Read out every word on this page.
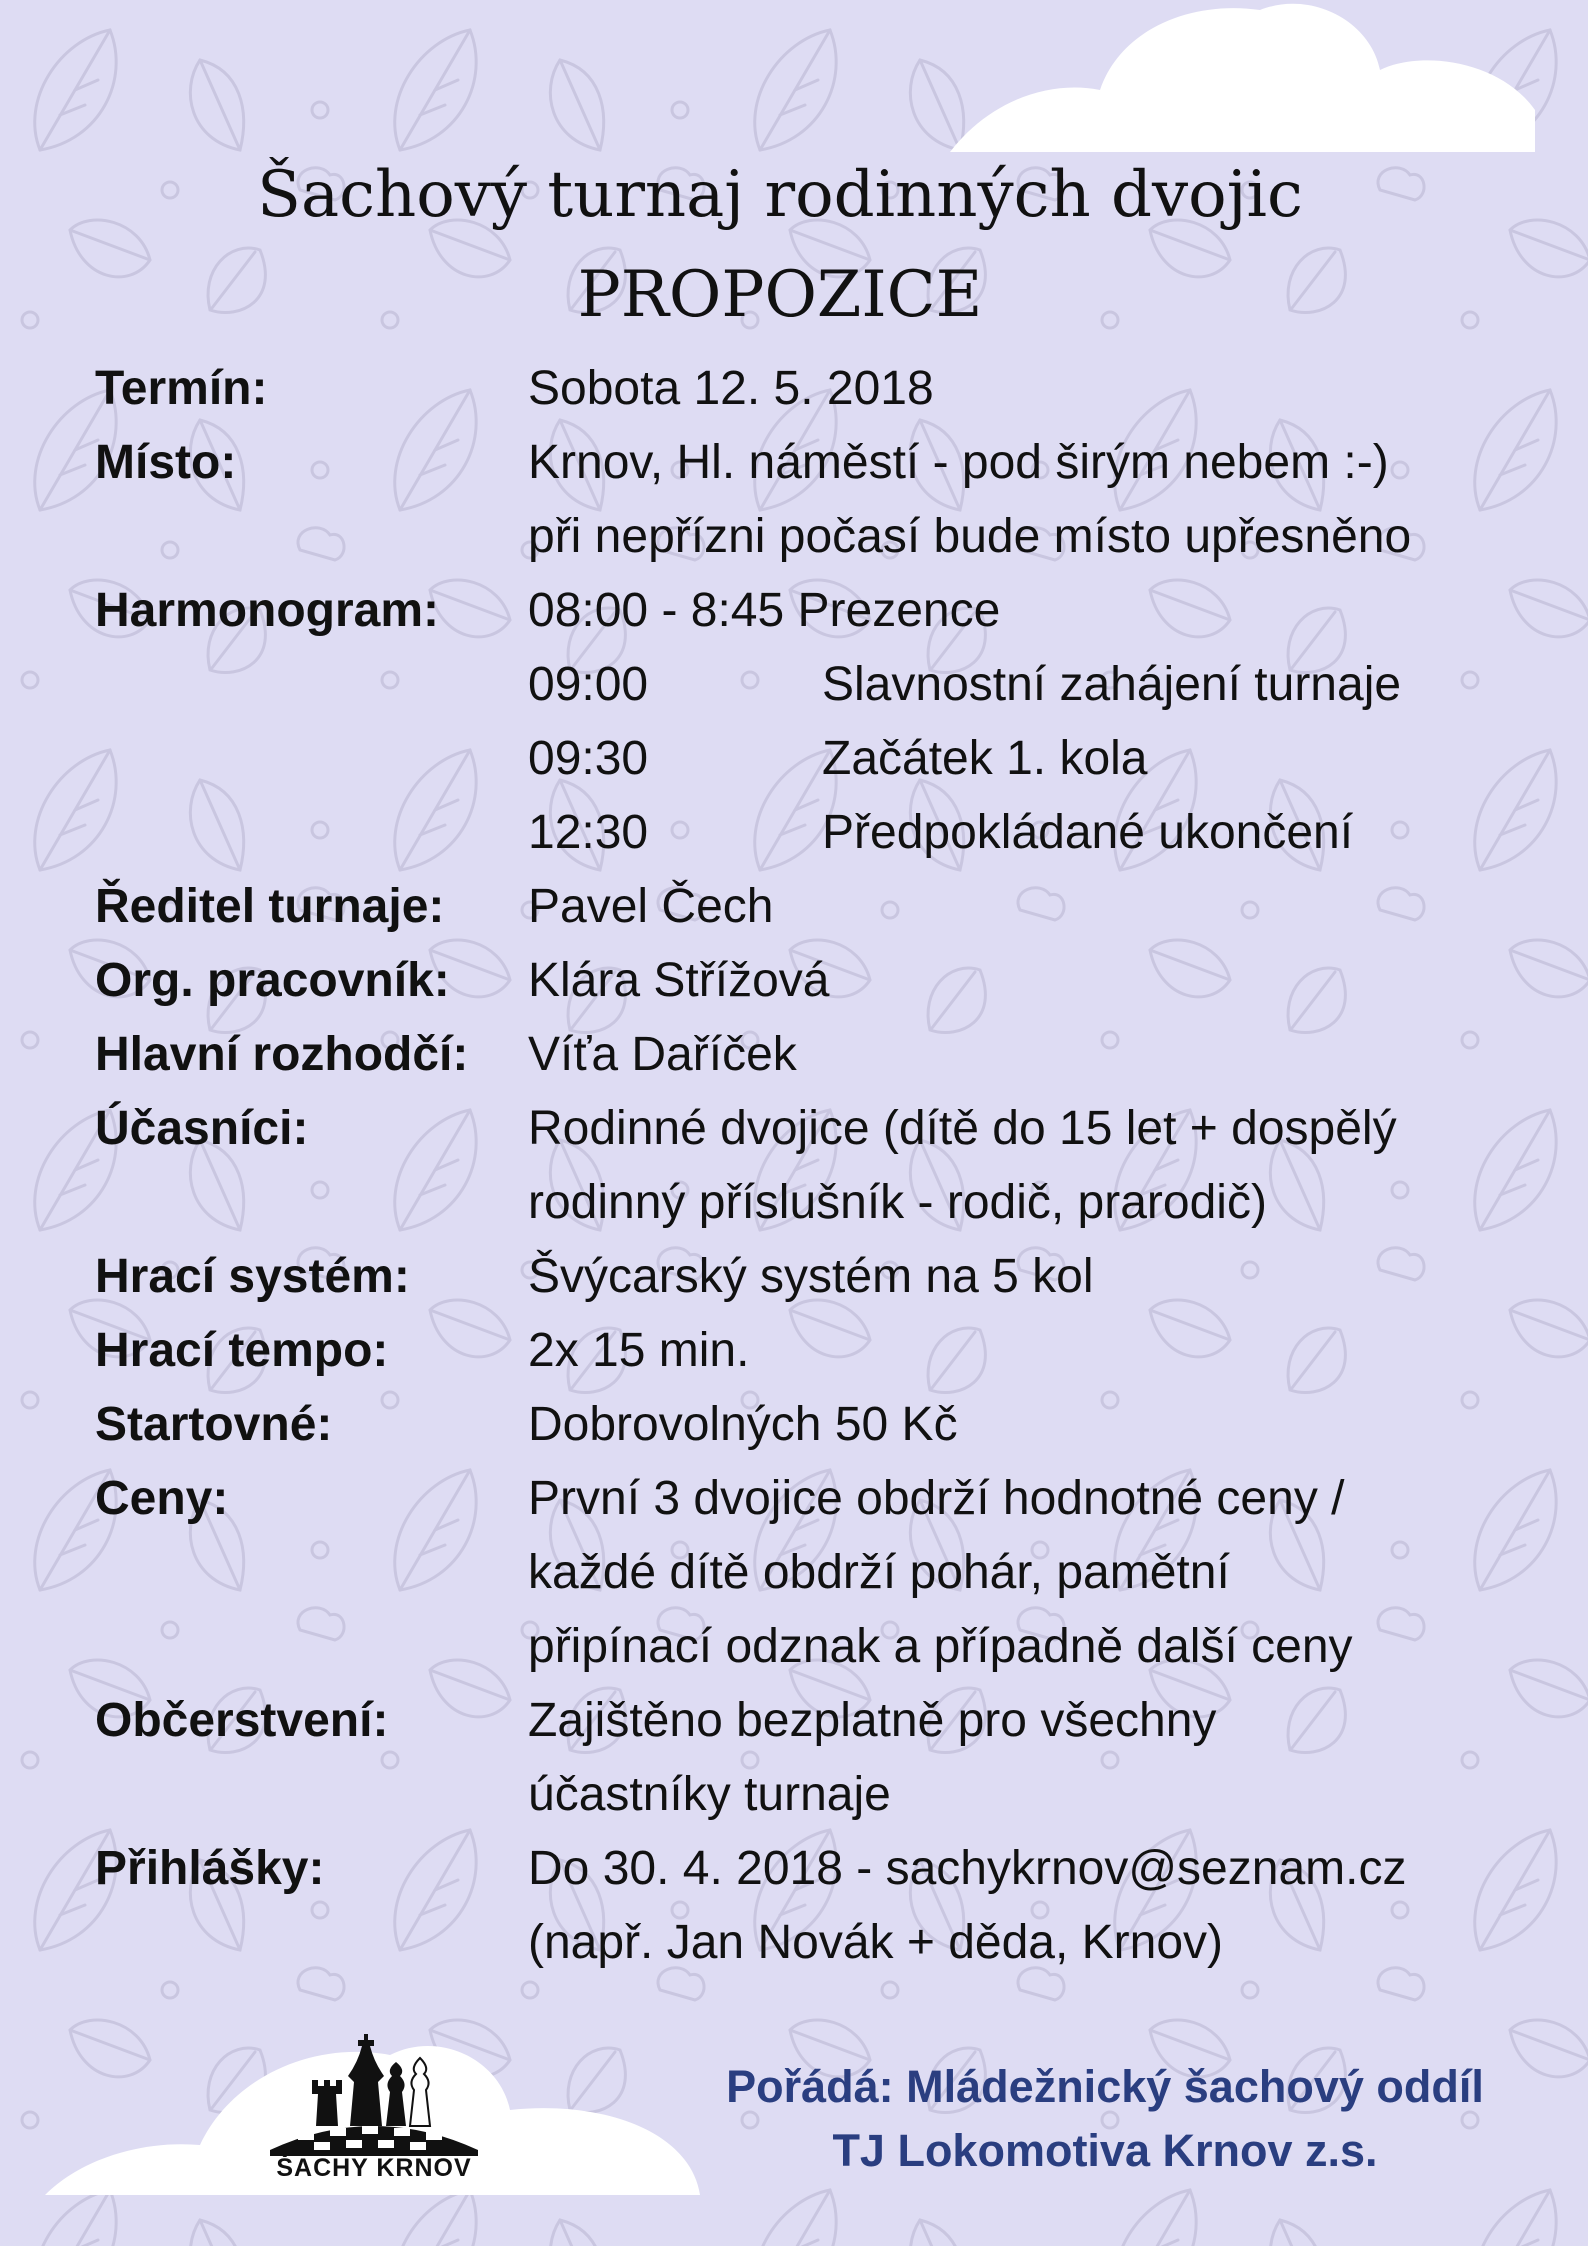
Šachový turnaj rodinných dvojic
PROPOZICE
Termín:	Sobota 12. 5. 2018
Místo:	Krnov, Hl. náměstí - pod širým nebem :-)
při nepřízni počasí bude místo upřesněno
Harmonogram:	08:00 - 8:45 Prezence
09:00	Slavnostní zahájení turnaje
09:30	Začátek 1. kola
12:30	Předpokládané ukončení
Ředitel turnaje:	Pavel Čech
Org. pracovník:	Klára Střížová
Hlavní rozhodčí:	Víťa Daříček
Účasníci:	Rodinné dvojice (dítě do 15 let + dospělý
rodinný příslušník - rodič, prarodič)
Hrací systém:	Švýcarský systém na 5 kol
Hrací tempo:	2x 15 min.
Startovné:	Dobrovolných 50 Kč
Ceny:	První 3 dvojice obdrží hodnotné ceny /
každé dítě obdrží pohár, pamětní
připínací odznak a případně další ceny
Občerstvení:	Zajištěno bezplatně pro všechny
účastníky turnaje
Přihlášky:	Do 30. 4. 2018 - sachykrnov@seznam.cz
(např. Jan Novák + děda, Krnov)
ŠACHY KRNOV
Pořádá: Mládežnický šachový oddíl
TJ Lokomotiva Krnov z.s.
